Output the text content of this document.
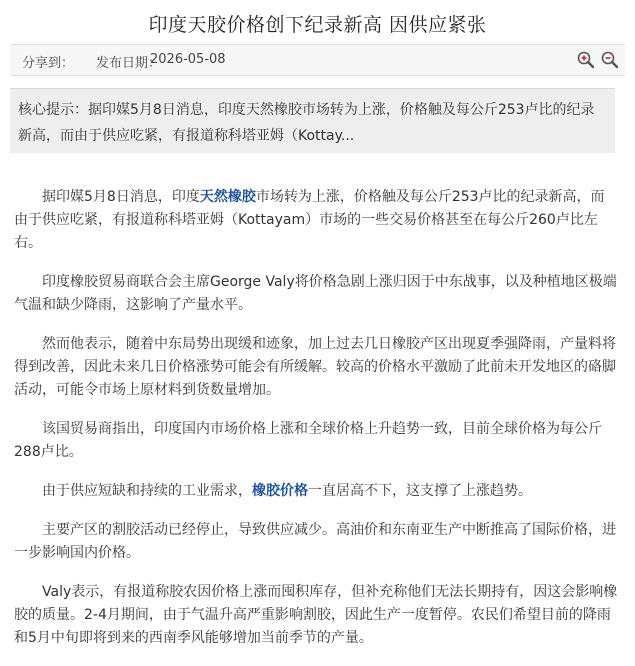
印度天胶价格创下纪录新高 因供应紧张
分享到： 发布日期：
2026-05-08
核心提示：据印媒5月8日消息，印度天然橡胶市场转为上涨，价格触及每公斤253卢比的纪录新高，而由于供应吃紧，有报道称科塔亚姆（Kottay...

据印媒5月8日消息，印度天然橡胶市场转为上涨，价格触及每公斤253卢比的纪录新高，而由于供应吃紧，有报道称科塔亚姆（Kottayam）市场的一些交易价格甚至在每公斤260卢比左右。

印度橡胶贸易商联合会主席George Valy将价格急剧上涨归因于中东战事，以及种植地区极端气温和缺少降雨，这影响了产量水平。

然而他表示，随着中东局势出现缓和迹象，加上过去几日橡胶产区出现夏季强降雨，产量料将得到改善，因此未来几日价格涨势可能会有所缓解。较高的价格水平激励了此前未开发地区的硌脚活动，可能令市场上原材料到货数量增加。

该国贸易商指出，印度国内市场价格上涨和全球价格上升趋势一致，目前全球价格为每公斤288卢比。

由于供应短缺和持续的工业需求，橡胶价格一直居高不下，这支撑了上涨趋势。

主要产区的割胶活动已经停止，导致供应减少。高油价和东南亚生产中断推高了国际价格，进一步影响国内价格。

Valy表示，有报道称胶农因价格上涨而囤积库存，但补充称他们无法长期持有，因这会影响橡胶的质量。2-4月期间，由于气温升高严重影响割胶，因此生产一度暂停。农民们希望目前的降雨和5月中旬即将到来的西南季风能够增加当前季节的产量。
